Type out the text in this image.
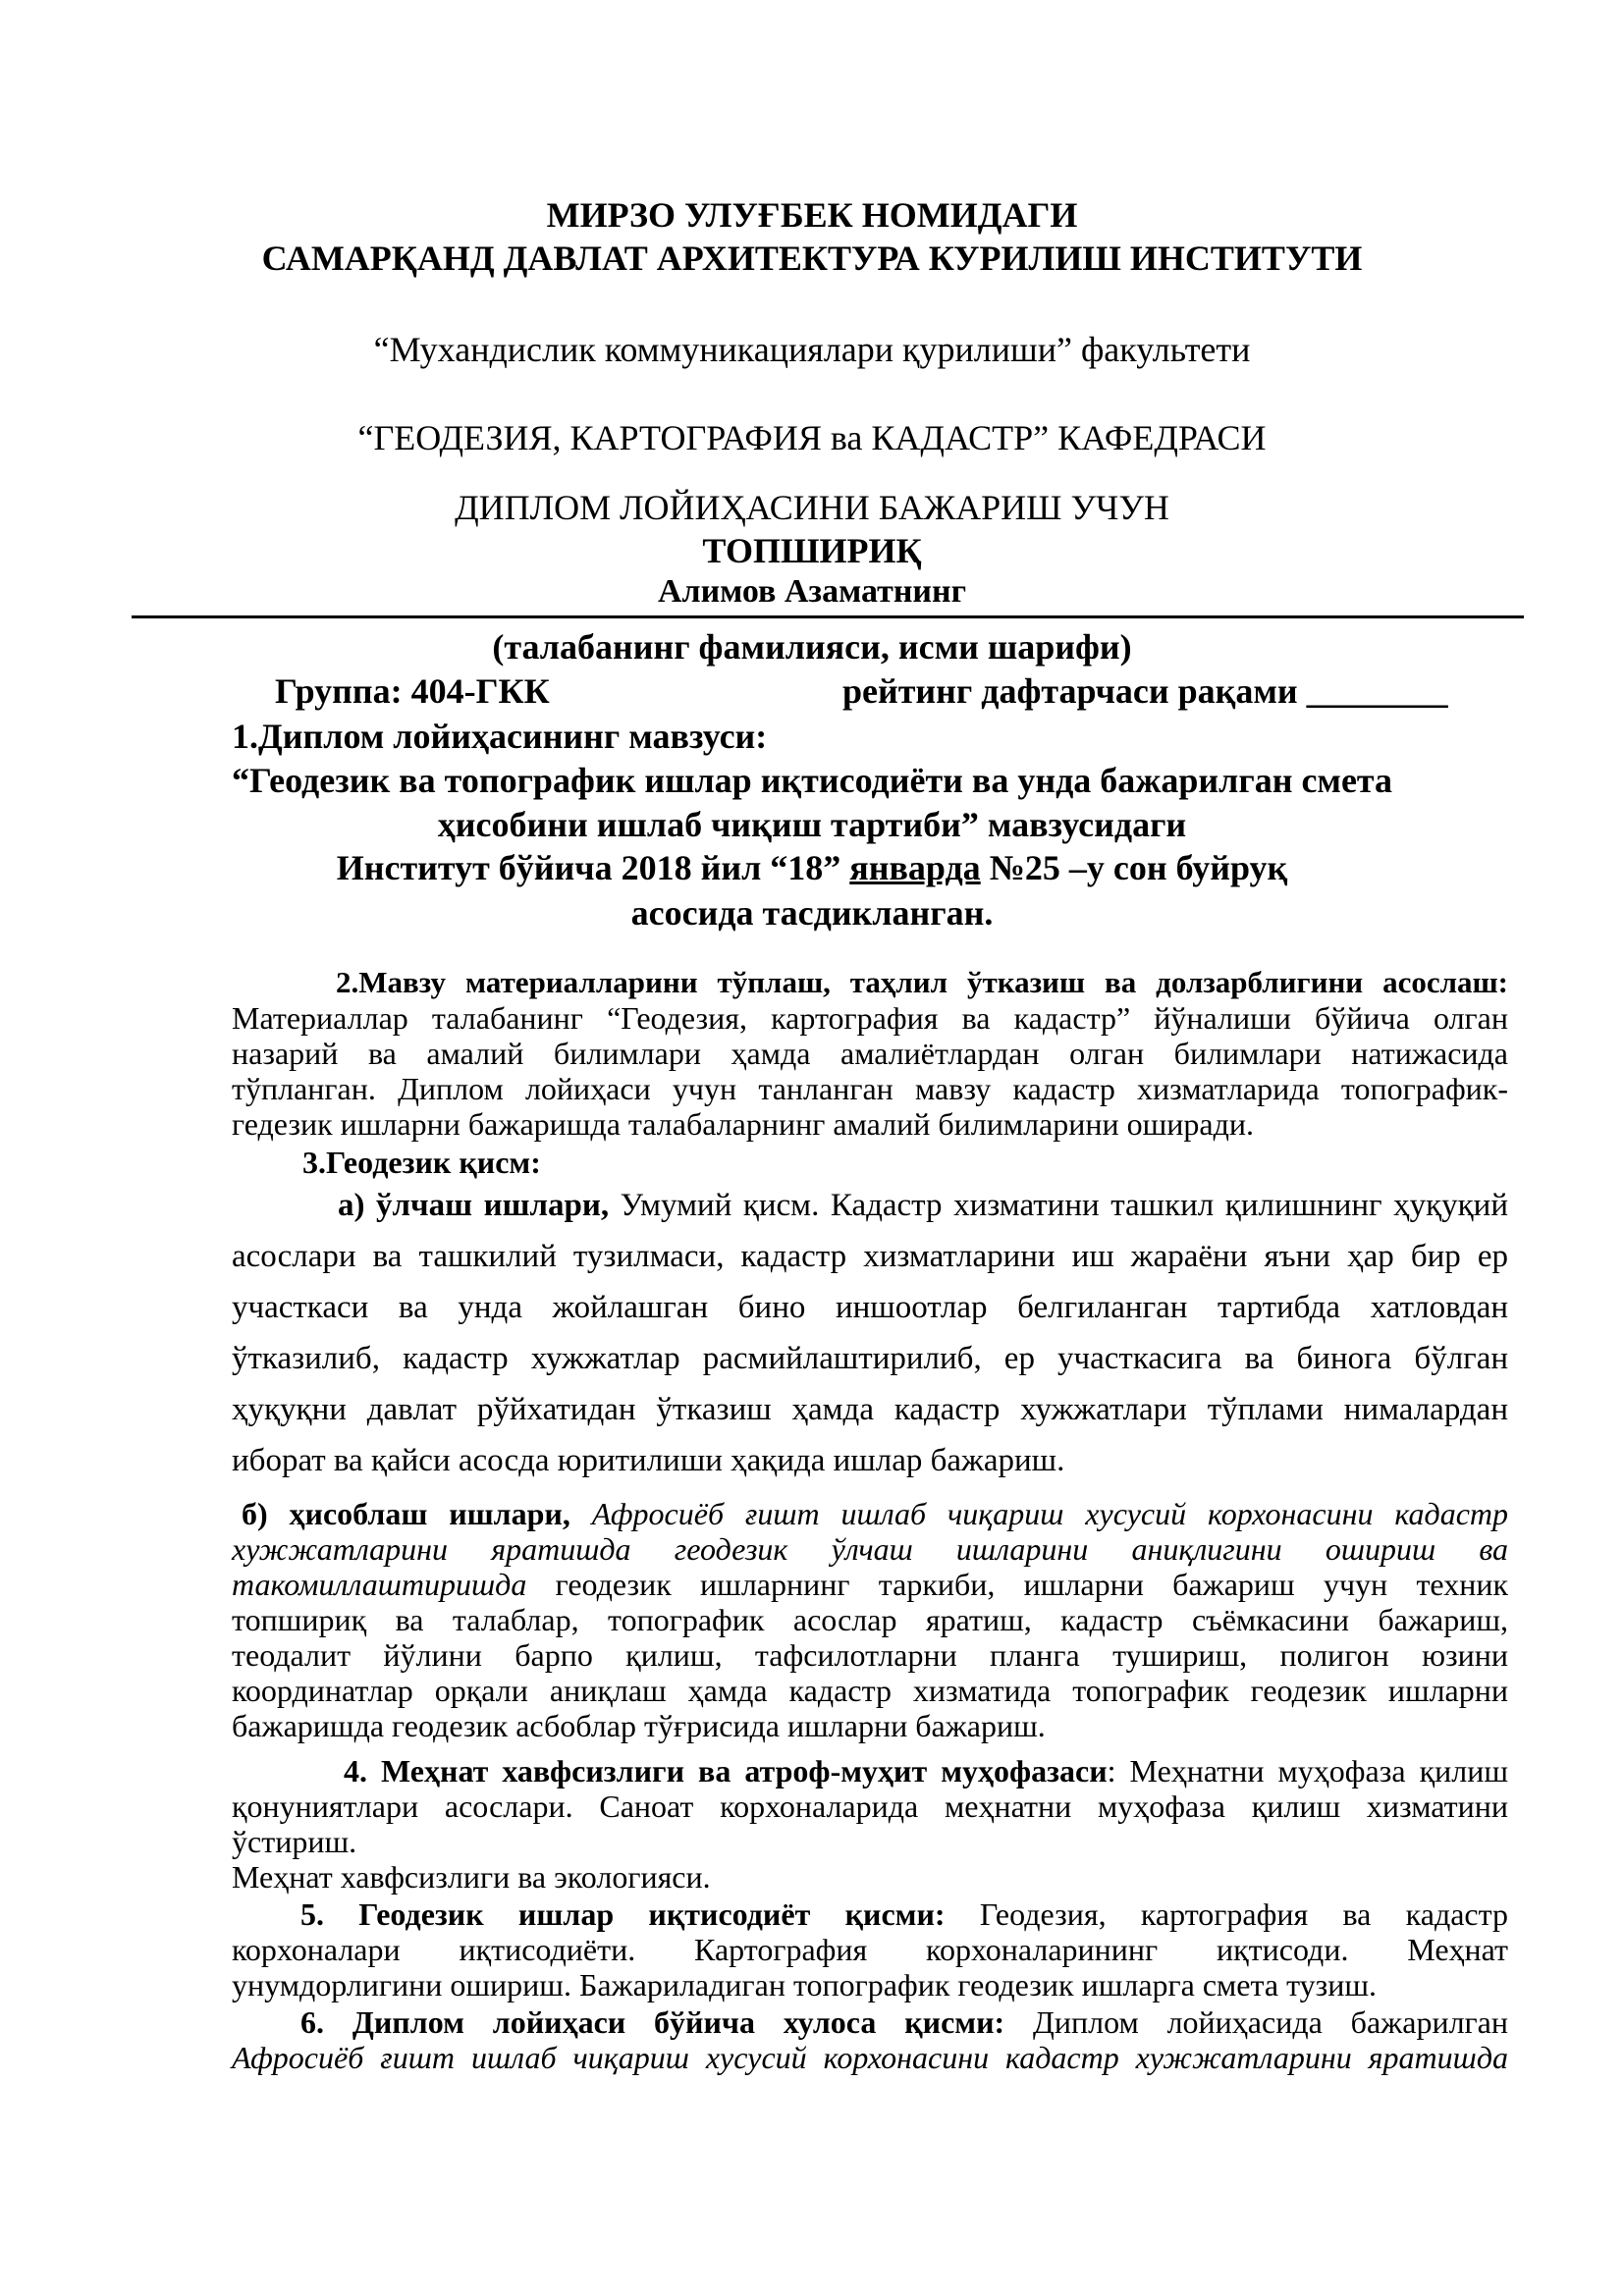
МИРЗО УЛУҒБЕК НОМИДАГИ
САМАРҚАНД ДАВЛАТ АРХИТЕКТУРА КУРИЛИШ ИНСТИТУТИ
“Мухандислик коммуникациялари қурилиши” факультети
“ГЕОДЕЗИЯ, КАРТОГРАФИЯ ва КАДАСТР” КАФЕДРАСИ
ДИПЛОМ ЛОЙИҲАСИНИ БАЖАРИШ УЧУН
ТОПШИРИҚ
Алимов Азаматнинг
(талабанинг фамилияси, исми шарифи)
Группа: 404-ГКК	рейтинг дафтарчаси рақами ________
1.Диплом лойиҳасининг мавзуси:
“Геодезик ва топографик ишлар иқтисодиёти ва унда бажарилган смета
ҳисобини ишлаб чиқиш тартиби” мавзусидаги
Институт бўйича 2018 йил “18” январда №25 –у сон буйруқ
асосида тасдикланган.
2.Мавзу материалларини тўплаш, таҳлил ўтказиш ва долзарблигини асослаш:
Материаллар талабанинг “Геодезия, картография ва кадастр” йўналиши бўйича олган
назарий ва амалий билимлари ҳамда амалиётлардан олган билимлари натижасида
тўпланган. Диплом лойиҳаси учун танланган мавзу кадастр хизматларида топографик-
гедезик ишларни бажаришда талабаларнинг амалий билимларини оширади.
3.Геодезик қисм:
а) ўлчаш ишлари, Умумий қисм. Кадастр хизматини ташкил қилишнинг ҳуқуқий
асослари ва ташкилий тузилмаси, кадастр хизматларини иш жараёни яъни ҳар бир ер
участкаси ва унда жойлашган бино иншоотлар белгиланган тартибда хатловдан
ўтказилиб, кадастр хужжатлар расмийлаштирилиб, ер участкасига ва бинога бўлган
ҳуқуқни давлат рўйхатидан ўтказиш ҳамда кадастр хужжатлари тўплами нималардан
иборат ва қайси асосда юритилиши ҳақида ишлар бажариш.
б) ҳисоблаш ишлари, Афросиёб ғишт ишлаб чиқариш хусусий корхонасини кадастр
хужжатларини яратишда геодезик ўлчаш ишларини аниқлигини ошириш ва
такомиллаштиришда геодезик ишларнинг таркиби, ишларни бажариш учун техник
топшириқ ва талаблар, топографик асослар яратиш, кадастр съёмкасини бажариш,
теодалит йўлини барпо қилиш, тафсилотларни планга тушириш, полигон юзини
координатлар орқали аниқлаш ҳамда кадастр хизматида топографик геодезик ишларни
бажаришда геодезик асбоблар тўғрисида ишларни бажариш.
4. Меҳнат хавфсизлиги ва атроф-муҳит муҳофазаси: Меҳнатни муҳофаза қилиш
қонуниятлари асослари. Саноат корхоналарида меҳнатни муҳофаза қилиш хизматини
ўстириш.
Меҳнат хавфсизлиги ва экологияси.
5. Геодезик ишлар иқтисодиёт қисми: Геодезия, картография ва кадастр
корхоналари иқтисодиёти. Картография корхоналарининг иқтисоди. Меҳнат
унумдорлигини ошириш. Бажариладиган топографик геодезик ишларга смета тузиш.
6. Диплом лойиҳаси бўйича хулоса қисми: Диплом лойиҳасида бажарилган
Афросиёб ғишт ишлаб чиқариш хусусий корхонасини кадастр хужжатларини яратишда
